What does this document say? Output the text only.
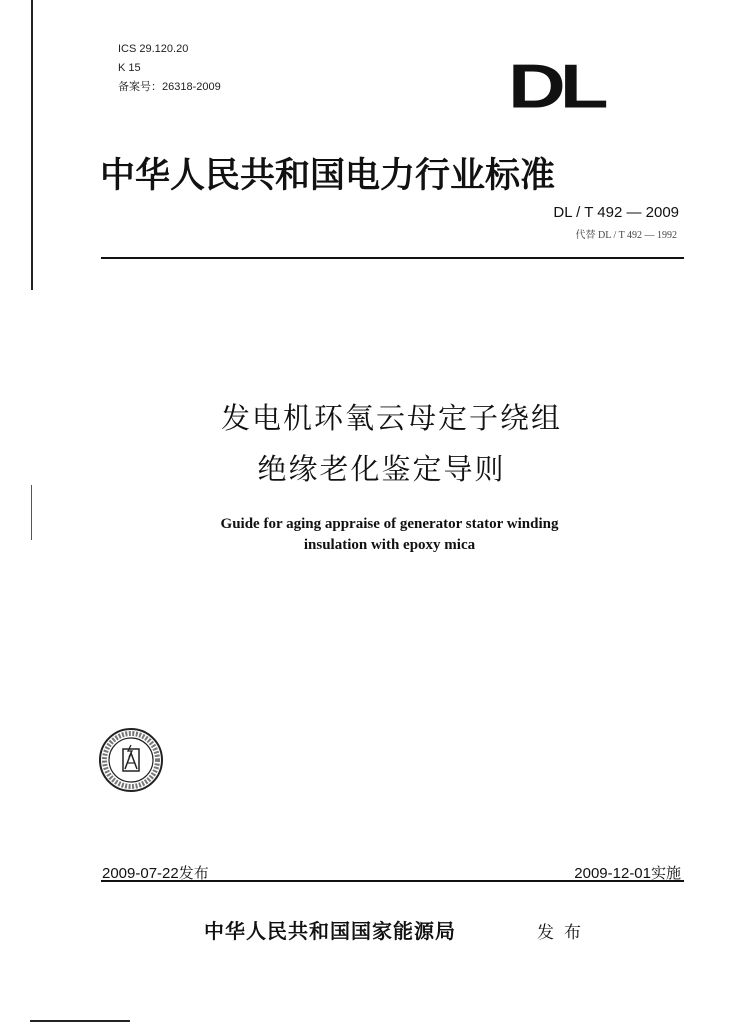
ICS 29.120.20
K 15
备案号：26318-2009	DL
中华人民共和国电力行业标准
DL / T 492 — 2009
代替 DL / T 492 — 1992
发电机环氧云母定子绕组
绝缘老化鉴定导则
Guide for aging appraise of generator stator winding
insulation with epoxy mica
2009-07-22发布	2009-12-01实施
中华人民共和国国家能源局	发布
